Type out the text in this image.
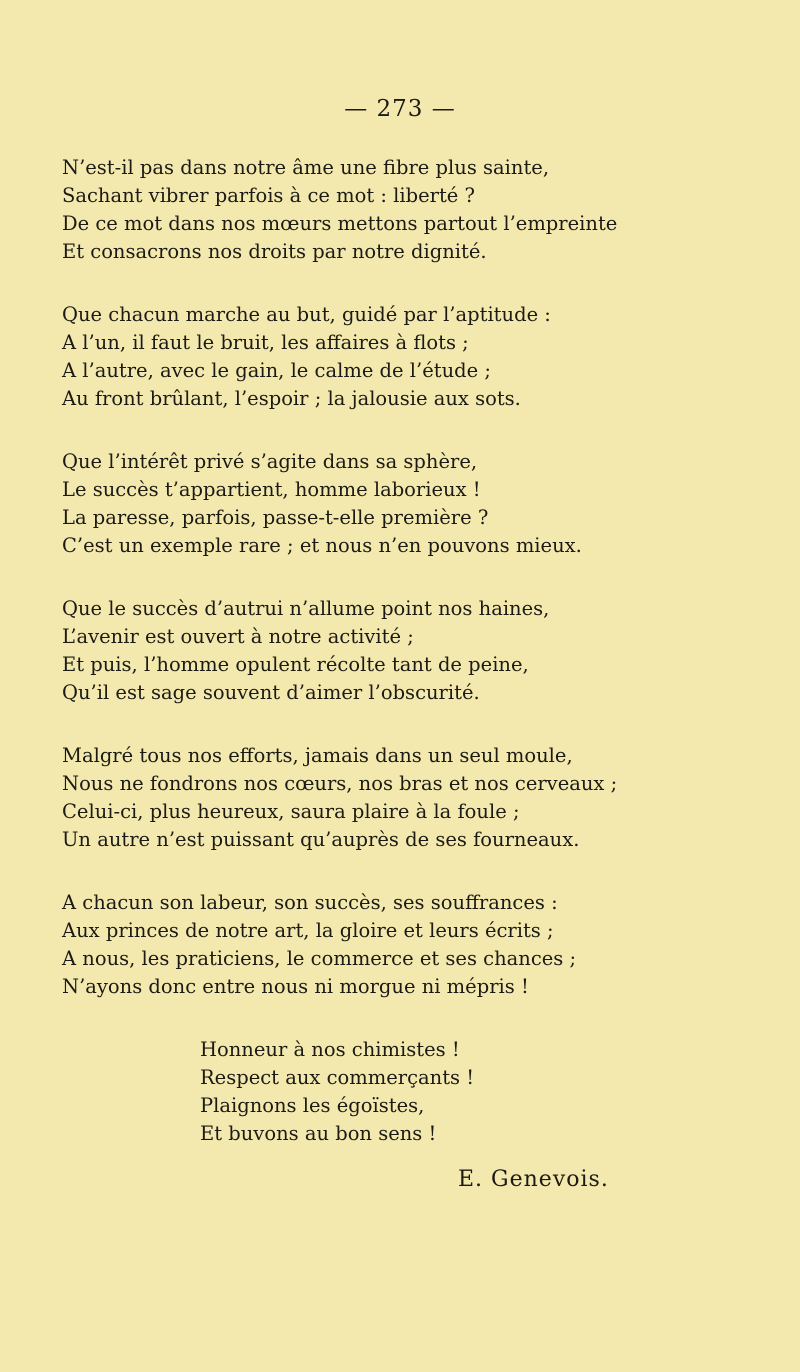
— 273 —
N’est-il pas dans notre âme une fibre plus sainte,
Sachant vibrer parfois à ce mot : liberté ?
De ce mot dans nos mœurs mettons partout l’empreinte
Et consacrons nos droits par notre dignité.
Que chacun marche au but, guidé par l’aptitude :
A l’un, il faut le bruit, les affaires à flots ;
A l’autre, avec le gain, le calme de l’étude ;
Au front brûlant, l’espoir ; la jalousie aux sots.
Que l’intérêt privé s’agite dans sa sphère,
Le succès t’appartient, homme laborieux !
La paresse, parfois, passe-t-elle première ?
C’est un exemple rare ; et nous n’en pouvons mieux.
Que le succès d’autrui n’allume point nos haines,
L’avenir est ouvert à notre activité ;
Et puis, l’homme opulent récolte tant de peine,
Qu’il est sage souvent d’aimer l’obscurité.
Malgré tous nos efforts, jamais dans un seul moule,
Nous ne fondrons nos cœurs, nos bras et nos cerveaux ;
Celui-ci, plus heureux, saura plaire à la foule ;
Un autre n’est puissant qu’auprès de ses fourneaux.
A chacun son labeur, son succès, ses souffrances :
Aux princes de notre art, la gloire et leurs écrits ;
A nous, les praticiens, le commerce et ses chances ;
N’ayons donc entre nous ni morgue ni mépris !
Honneur à nos chimistes !
Respect aux commerçants !
Plaignons les égoïstes,
Et buvons au bon sens !
E. Genevois.
